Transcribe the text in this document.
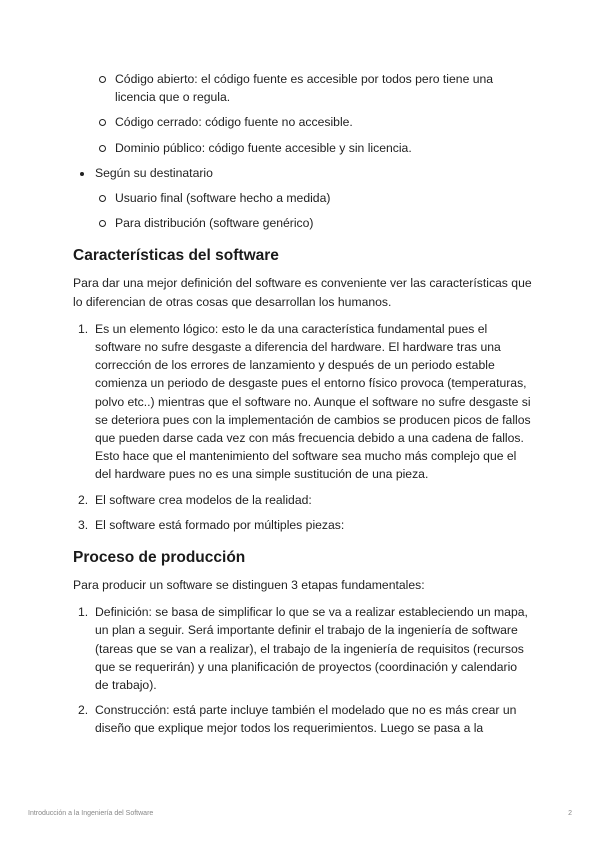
Código abierto: el código fuente es accesible por todos pero tiene una licencia que o regula.
Código cerrado: código fuente no accesible.
Dominio público: código fuente accesible y sin licencia.
Según su destinatario
Usuario final (software hecho a medida)
Para distribución (software genérico)
Características del software

Para dar una mejor definición del software es conveniente ver las características que lo diferencian de otras cosas que desarrollan los humanos.

1. Es un elemento lógico: esto le da una característica fundamental pues el software no sufre desgaste a diferencia del hardware. El hardware tras una corrección de los errores de lanzamiento y después de un periodo estable comienza un periodo de desgaste pues el entorno físico provoca (temperaturas, polvo etc..) mientras que el software no. Aunque el software no sufre desgaste si se deteriora pues con la implementación de cambios se producen picos de fallos que pueden darse cada vez con más frecuencia debido a una cadena de fallos. Esto hace que el mantenimiento del software sea mucho más complejo que el del hardware pues no es una simple sustitución de una pieza.
2. El software crea modelos de la realidad:
3. El software está formado por múltiples piezas:
Proceso de producción

Para producir un software se distinguen 3 etapas fundamentales:

1. Definición: se basa de simplificar lo que se va a realizar estableciendo un mapa, un plan a seguir. Será importante definir el trabajo de la ingeniería de software (tareas que se van a realizar), el trabajo de la ingeniería de requisitos (recursos que se requerirán) y una planificación de proyectos (coordinación y calendario de trabajo).
2. Construcción: está parte incluye también el modelado que no es más crear un diseño que explique mejor todos los requerimientos. Luego se pasa a la
Introducción a la Ingeniería del Software	2
